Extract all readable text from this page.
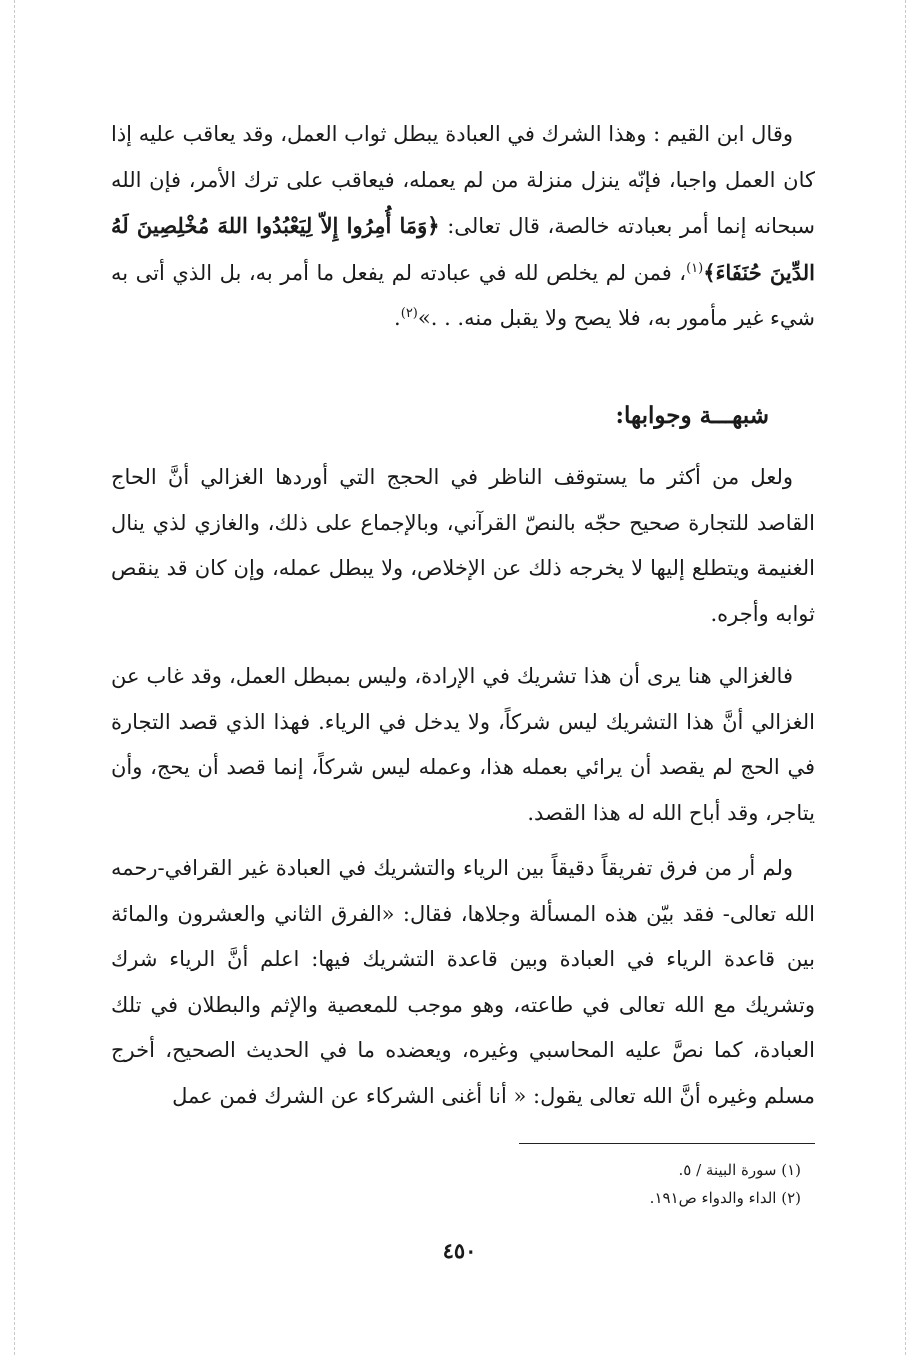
وقال ابن القيم : وهذا الشرك في العبادة يبطل ثواب العمل، وقد يعاقب عليه إذا كان العمل واجبا، فإنّه ينزل منزلة من لم يعمله، فيعاقب على ترك الأمر، فإن الله سبحانه إنما أمر بعبادته خالصة، قال تعالى: ﴿وَمَا أُمِرُوا إِلاّ لِيَعْبُدُوا اللهَ مُخْلِصِينَ لَهُ الدِّينَ حُنَفَاءَ﴾$^{(١)}$، فمن لم يخلص لله في عبادته لم يفعل ما أمر به، بل الذي أتى به شيء غير مأمور به، فلا يصح ولا يقبل منه. . .»$^{(٢)}$.

شبهـــة وجوابها:

ولعل من أكثر ما يستوقف الناظر في الحجج التي أوردها الغزالي أنَّ الحاج القاصد للتجارة صحيح حجّه بالنصّ القرآني، وبالإجماع على ذلك، والغازي لذي ينال الغنيمة ويتطلع إليها لا يخرجه ذلك عن الإخلاص، ولا يبطل عمله، وإن كان قد ينقص ثوابه وأجره.

فالغزالي هنا يرى أن هذا تشريك في الإرادة، وليس بمبطل العمل، وقد غاب عن الغزالي أنَّ هذا التشريك ليس شركاً، ولا يدخل في الرياء. فهذا الذي قصد التجارة في الحج لم يقصد أن يرائي بعمله هذا، وعمله ليس شركاً، إنما قصد أن يحج، وأن يتاجر، وقد أباح الله له هذا القصد.

ولم أر من فرق تفريقاً دقيقاً بين الرياء والتشريك في العبادة غير القرافي-رحمه الله تعالى- فقد بيّن هذه المسألة وجلاها، فقال: «الفرق الثاني والعشرون والمائة بين قاعدة الرياء في العبادة وبين قاعدة التشريك فيها: اعلم أنَّ الرياء شرك وتشريك مع الله تعالى في طاعته، وهو موجب للمعصية والإثم والبطلان في تلك العبادة، كما نصَّ عليه المحاسبي وغيره، ويعضده ما في الحديث الصحيح، أخرج مسلم وغيره أنَّ الله تعالى يقول: « أنا أغنى الشركاء عن الشرك فمن عمل

(١) سورة البينة / ٥.
(٢) الداء والدواء ص١٩١.
٤٥٠
